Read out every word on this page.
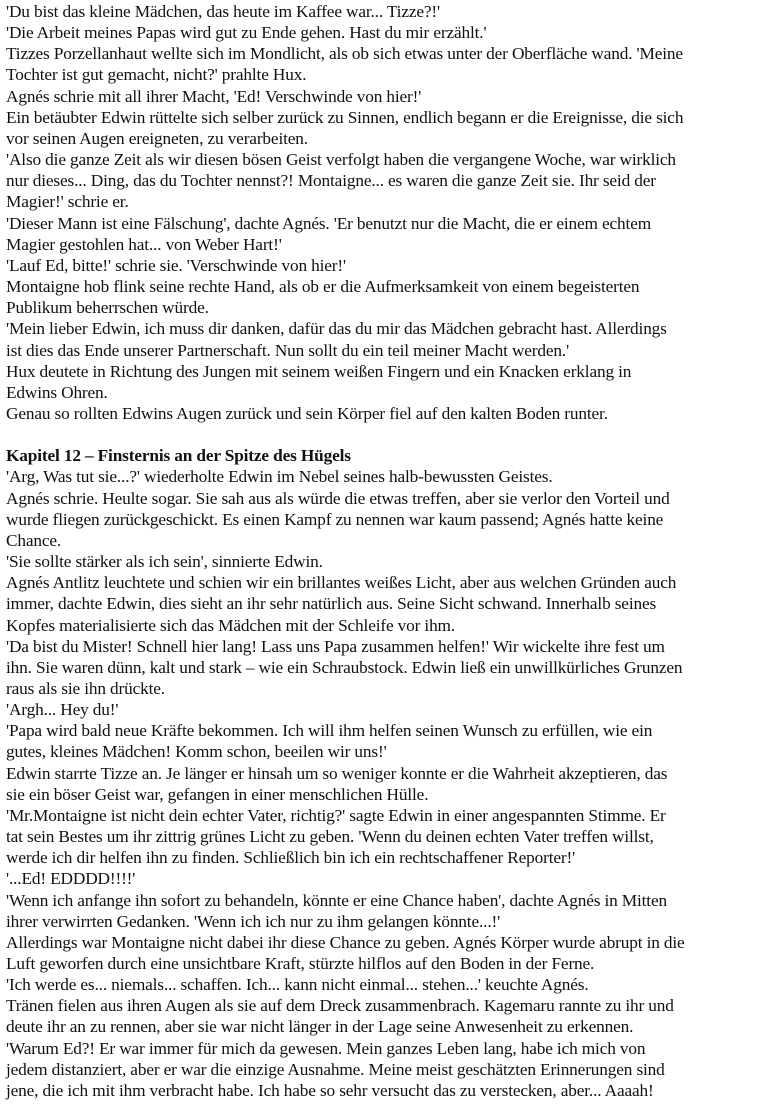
'Du bist das kleine Mädchen, das heute im Kaffee war... Tizze?!'
'Die Arbeit meines Papas wird gut zu Ende gehen. Hast du mir erzählt.'
Tizzes Porzellanhaut wellte sich im Mondlicht, als ob sich etwas unter der Oberfläche wand. 'Meine
Tochter ist gut gemacht, nicht?' prahlte Hux.
Agnés schrie mit all ihrer Macht, 'Ed! Verschwinde von hier!'
Ein betäubter Edwin rüttelte sich selber zurück zu Sinnen, endlich begann er die Ereignisse, die sich
vor seinen Augen ereigneten, zu verarbeiten.
'Also die ganze Zeit als wir diesen bösen Geist verfolgt haben die vergangene Woche, war wirklich
nur dieses... Ding, das du Tochter nennst?! Montaigne... es waren die ganze Zeit sie. Ihr seid der
Magier!' schrie er.
'Dieser Mann ist eine Fälschung', dachte Agnés. 'Er benutzt nur die Macht, die er einem echtem
Magier gestohlen hat... von Weber Hart!'
'Lauf Ed, bitte!' schrie sie. 'Verschwinde von hier!'
Montaigne hob flink seine rechte Hand, als ob er die Aufmerksamkeit von einem begeisterten
Publikum beherrschen würde.
'Mein lieber Edwin, ich muss dir danken, dafür das du mir das Mädchen gebracht hast. Allerdings
ist dies das Ende unserer Partnerschaft. Nun sollt du ein teil meiner Macht werden.'
Hux deutete in Richtung des Jungen mit seinem weißen Fingern und ein Knacken erklang in
Edwins Ohren.
Genau so rollten Edwins Augen zurück und sein Körper fiel auf den kalten Boden runter.
Kapitel 12 – Finsternis an der Spitze des Hügels
'Arg, Was tut sie...?' wiederholte Edwin im Nebel seines halb-bewussten Geistes.
Agnés schrie. Heulte sogar. Sie sah aus als würde die etwas treffen, aber sie verlor den Vorteil und
wurde fliegen zurückgeschickt. Es einen Kampf zu nennen war kaum passend; Agnés hatte keine
Chance.
'Sie sollte stärker als ich sein', sinnierte Edwin.
Agnés Antlitz leuchtete und schien wir ein brillantes weißes Licht, aber aus welchen Gründen auch
immer, dachte Edwin, dies sieht an ihr sehr natürlich aus. Seine Sicht schwand. Innerhalb seines
Kopfes materialisierte sich das Mädchen mit der Schleife vor ihm.
'Da bist du Mister! Schnell hier lang! Lass uns Papa zusammen helfen!' Wir wickelte ihre fest um
ihn. Sie waren dünn, kalt und stark – wie ein Schraubstock. Edwin ließ ein unwillkürliches Grunzen
raus als sie ihn drückte.
'Argh... Hey du!'
'Papa wird bald neue Kräfte bekommen. Ich will ihm helfen seinen Wunsch zu erfüllen, wie ein
gutes, kleines Mädchen! Komm schon, beeilen wir uns!'
Edwin starrte Tizze an. Je länger er hinsah um so weniger konnte er die Wahrheit akzeptieren, das
sie ein böser Geist war, gefangen in einer menschlichen Hülle.
'Mr.Montaigne ist nicht dein echter Vater, richtig?' sagte Edwin in einer angespannten Stimme. Er
tat sein Bestes um ihr zittrig grünes Licht zu geben. 'Wenn du deinen echten Vater treffen willst,
werde ich dir helfen ihn zu finden. Schließlich bin ich ein rechtschaffener Reporter!'
'...Ed! EDDDD!!!!'
'Wenn ich anfange ihn sofort zu behandeln, könnte er eine Chance haben', dachte Agnés in Mitten
ihrer verwirrten Gedanken. 'Wenn ich ich nur zu ihm gelangen könnte...!'
Allerdings war Montaigne nicht dabei ihr diese Chance zu geben. Agnés Körper wurde abrupt in die
Luft geworfen durch eine unsichtbare Kraft, stürzte hilflos auf den Boden in der Ferne.
'Ich werde es... niemals... schaffen. Ich... kann nicht einmal... stehen...' keuchte Agnés.
Tränen fielen aus ihren Augen als sie auf dem Dreck zusammenbrach. Kagemaru rannte zu ihr und
deute ihr an zu rennen, aber sie war nicht länger in der Lage seine Anwesenheit zu erkennen.
'Warum Ed?! Er war immer für mich da gewesen. Mein ganzes Leben lang, habe ich mich von
jedem distanziert, aber er war die einzige Ausnahme. Meine meist geschätzten Erinnerungen sind
jene, die ich mit ihm verbracht habe. Ich habe so sehr versucht das zu verstecken, aber... Aaaah!
